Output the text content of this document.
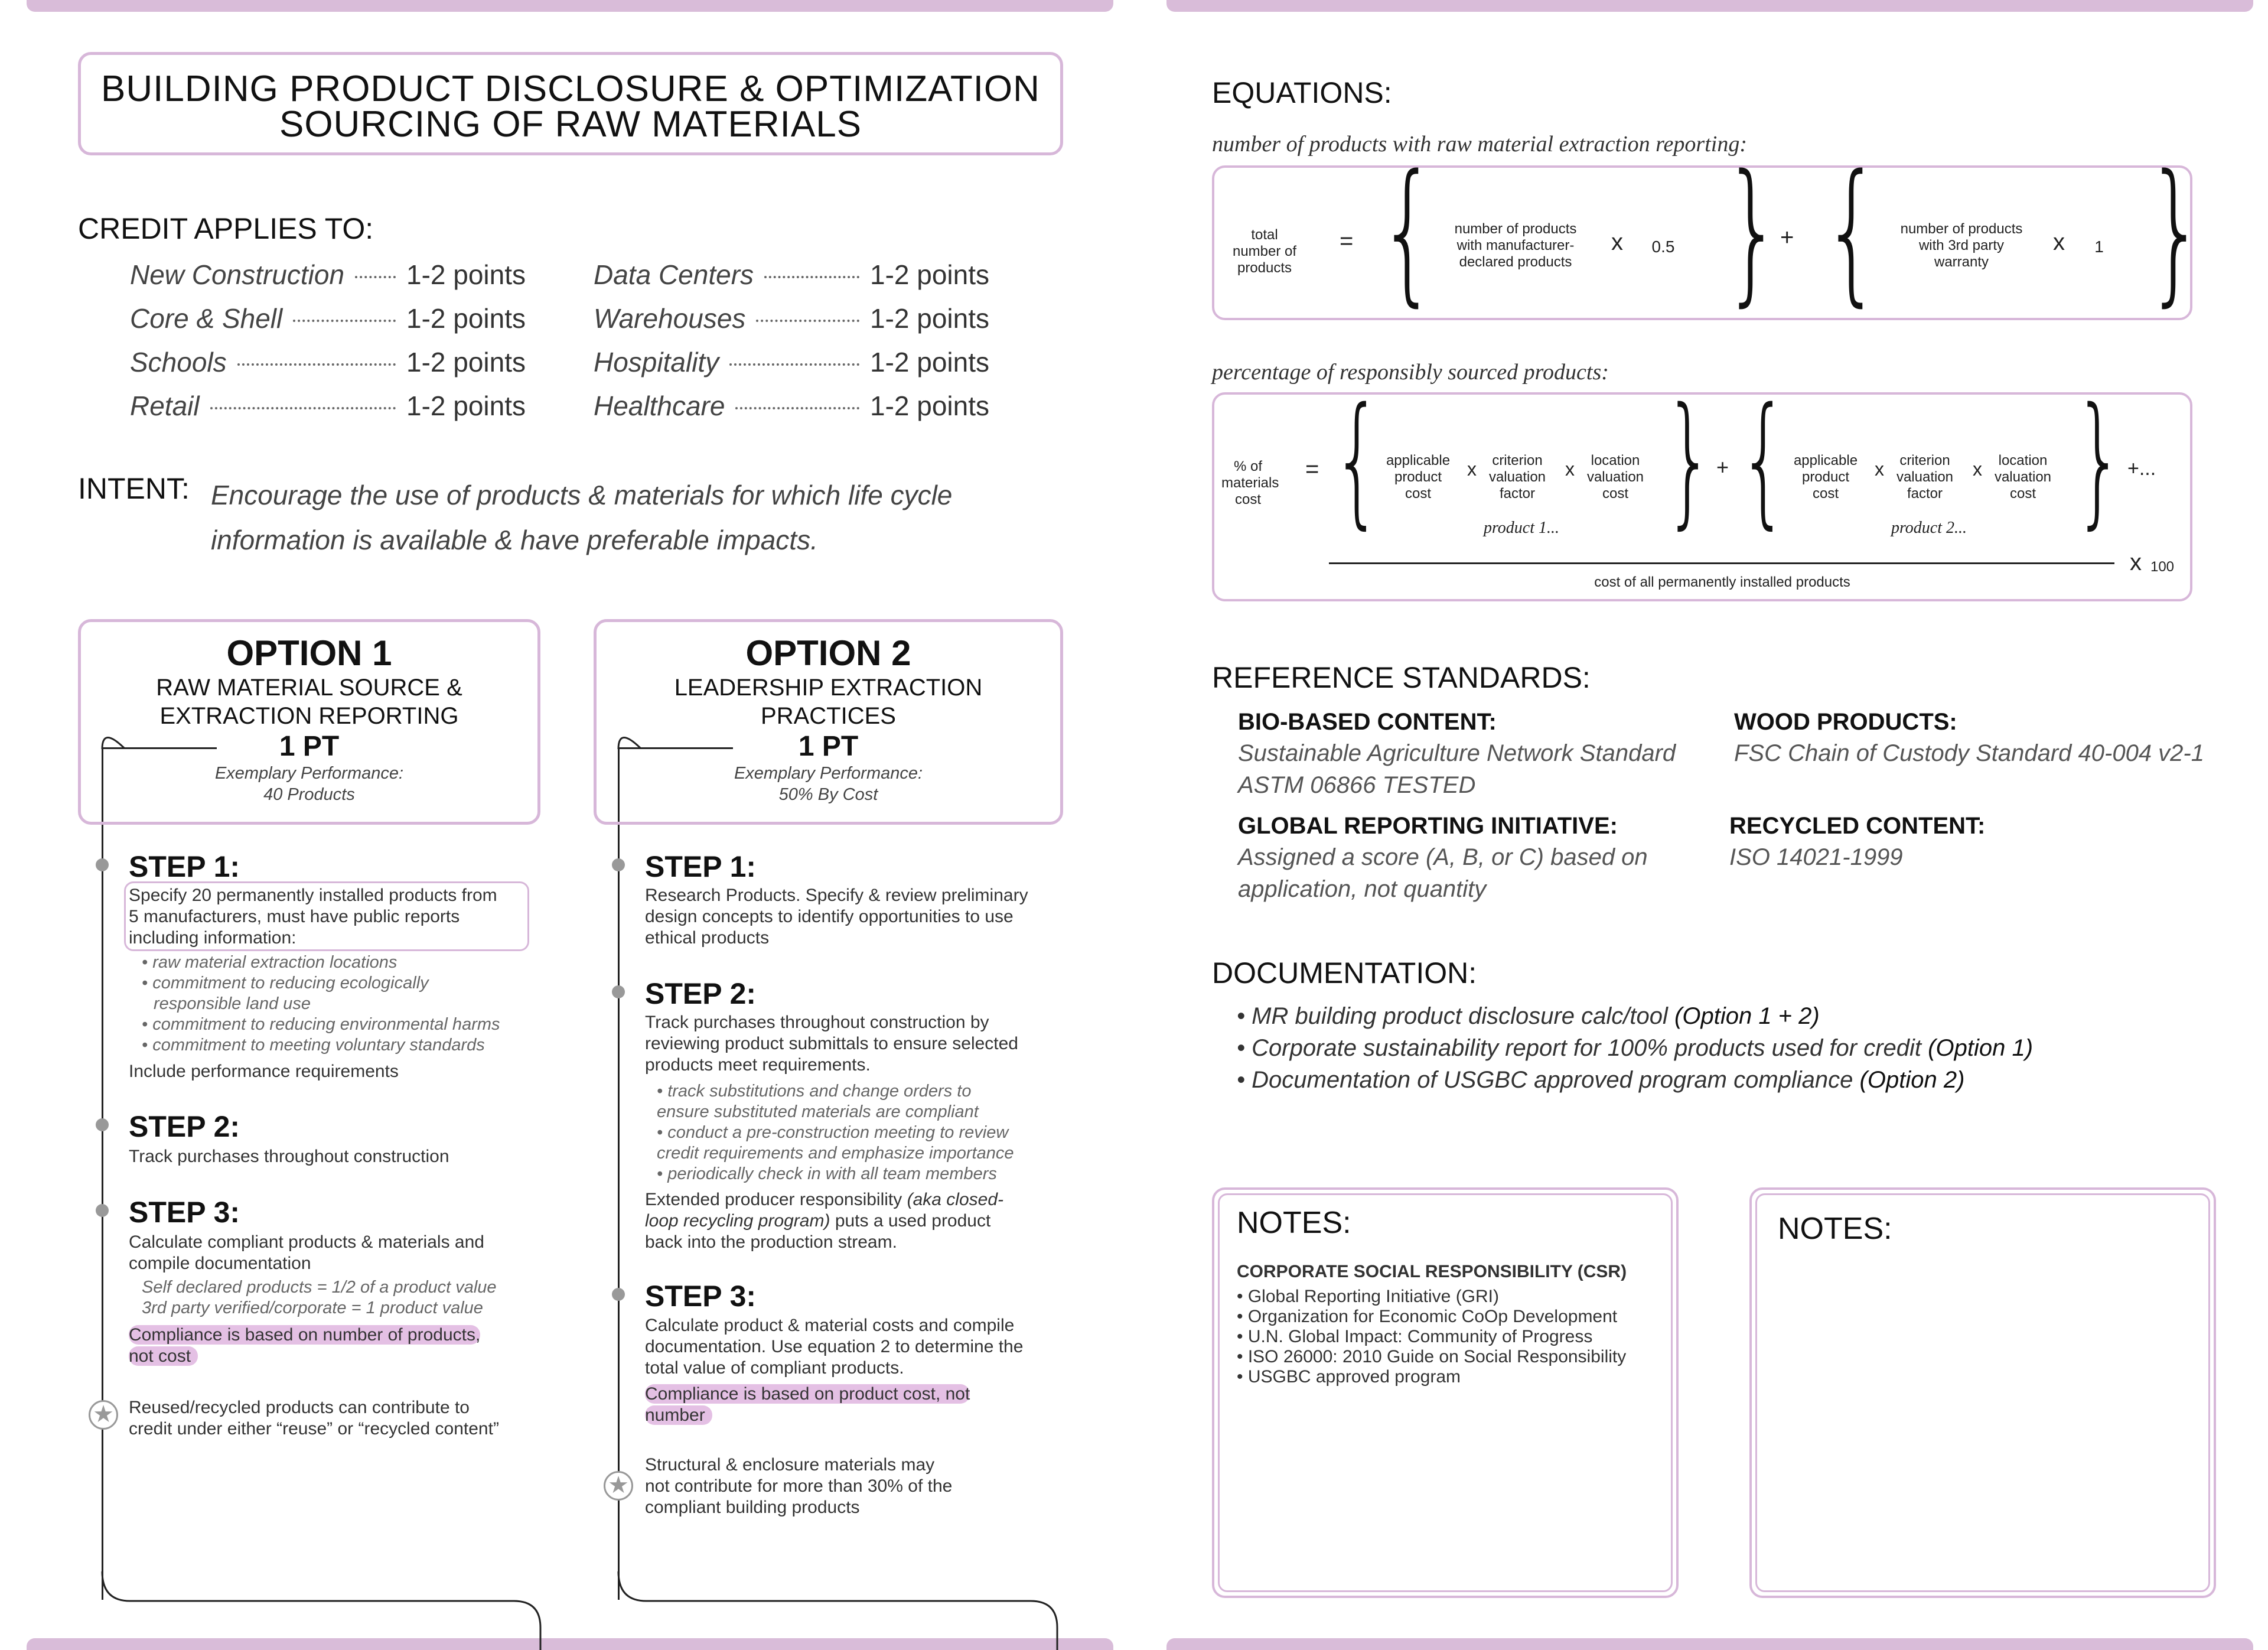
BUILDING PRODUCT DISCLOSURE & OPTIMIZATION
SOURCING OF RAW MATERIALS
CREDIT APPLIES TO:
New Construction 1-2 points
Core & Shell	1-2 points
Schools	1-2 points
Retail	1-2 points
Data Centers	1-2 points
Warehouses	1-2 points
Hospitality	1-2 points
Healthcare	1-2 points
INTENT: Encourage the use of products & materials for which life cycle
information is available & have preferable impacts.
OPTION 1
RAW MATERIAL SOURCE &
EXTRACTION REPORTING
1 PT
Exemplary Performance:
40 Products
OPTION 2
LEADERSHIP EXTRACTION
PRACTICES
1 PT
Exemplary Performance:
50% By Cost
STEP 1:
Specify 20 permanently installed products from
5 manufacturers, must have public reports
including information:
• raw material extraction locations
• commitment to reducing ecologically
responsible land use
• commitment to reducing environmental harms
• commitment to meeting voluntary standards
Include performance requirements
STEP 2:
Track purchases throughout construction
STEP 3:
Calculate compliant products & materials and
compile documentation
Self declared products = 1/2 of a product value
3rd party verified/corporate = 1 product value
Compliance is based on number of products,
not cost
★ Reused/recycled products can contribute to
credit under either “reuse” or “recycled content”
STEP 1:
Research Products. Specify & review preliminary
design concepts to identify opportunities to use
ethical products
STEP 2:
Track purchases throughout construction by
reviewing product submittals to ensure selected
products meet requirements.
• track substitutions and change orders to
ensure substituted materials are compliant
• conduct a pre-construction meeting to review
credit requirements and emphasize importance
• periodically check in with all team members
Extended producer responsibility (aka closed-
loop recycling program) puts a used product
back into the production stream.
STEP 3:
Calculate product & material costs and compile
documentation. Use equation 2 to determine the
total value of compliant products.
Compliance is based on product cost, not
number
★
Structural & enclosure materials may
not contribute for more than 30% of the
compliant building products
EQUATIONS:
number of products with raw material extraction reporting:
total number of products
= {	number of products with manufacturer-declared products
x	0.5 }
+ {	number of products with 3rd party warranty
x	1 }
percentage of responsibly sourced products:
% of materials cost
= { applicable product cost
x	criterion valuation factor
x	location valuation cost
product 1... } + { applicable product cost
x	criterion valuation factor
x	location valuation cost
product 2... } +...
x 100
cost of all permanently installed products
REFERENCE STANDARDS:
BIO-BASED CONTENT:
Sustainable Agriculture Network Standard
ASTM 06866 TESTED
WOOD PRODUCTS:
FSC Chain of Custody Standard 40-004 v2-1
GLOBAL REPORTING INITIATIVE:
Assigned a score (A, B, or C) based on
application, not quantity
RECYCLED CONTENT:
ISO 14021-1999
DOCUMENTATION:
• MR building product disclosure calc/tool (Option 1 + 2)
• Corporate sustainability report for 100% products used for credit (Option 1)
• Documentation of USGBC approved program compliance (Option 2)
NOTES:
CORPORATE SOCIAL RESPONSIBILITY (CSR)
• Global Reporting Initiative (GRI)
• Organization for Economic CoOp Development
• U.N. Global Impact: Community of Progress
• ISO 26000: 2010 Guide on Social Responsibility
• USGBC approved program
NOTES:
